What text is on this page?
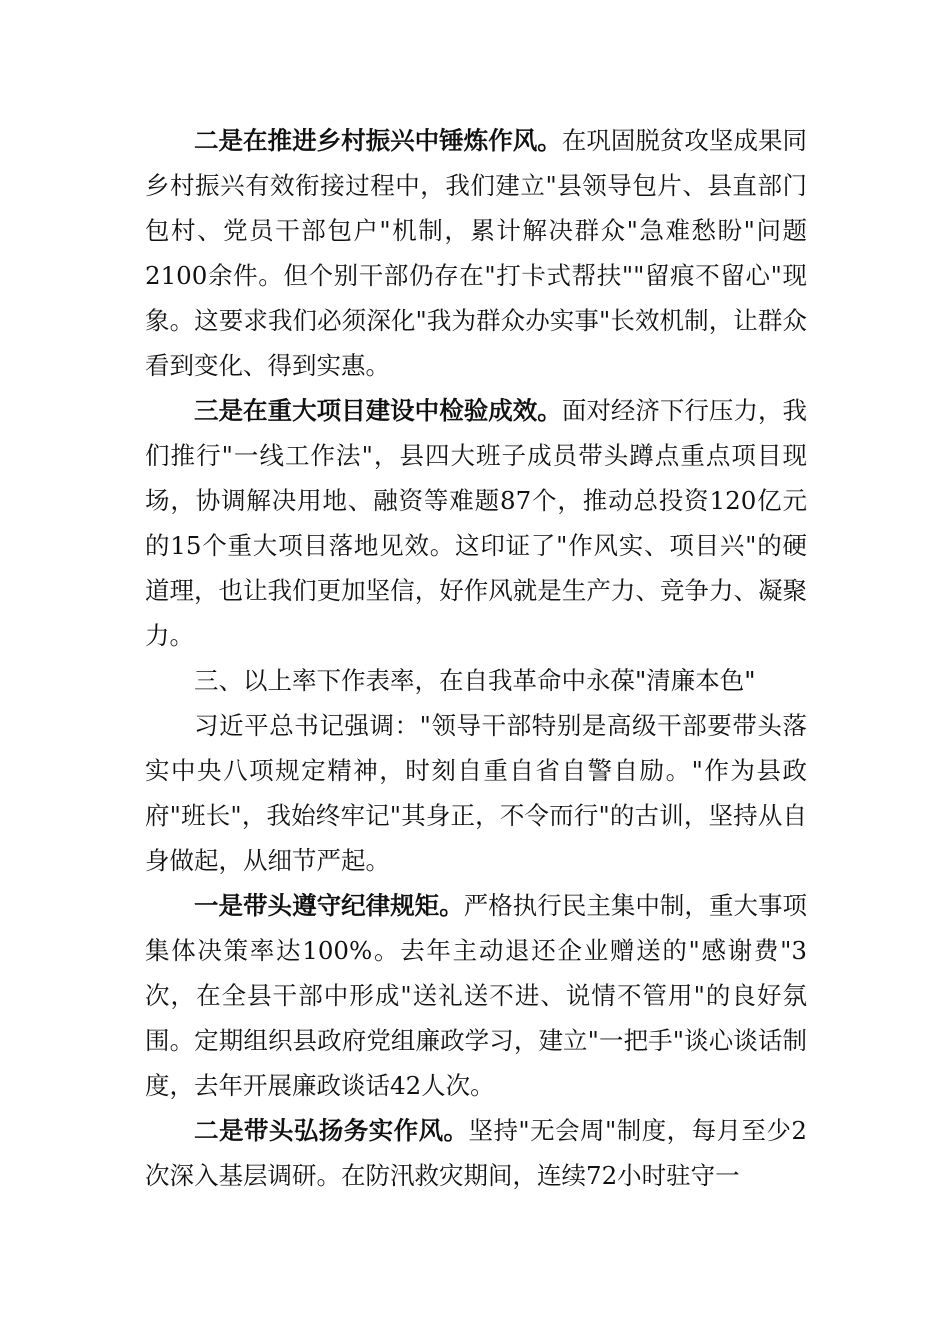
二是在推进乡村振兴中锤炼作风。在巩固脱贫攻坚成果同乡村振兴有效衔接过程中，我们建立"县领导包片、县直部门包村、党员干部包户"机制，累计解决群众"急难愁盼"问题2100余件。但个别干部仍存在"打卡式帮扶""留痕不留心"现象。这要求我们必须深化"我为群众办实事"长效机制，让群众看到变化、得到实惠。

三是在重大项目建设中检验成效。面对经济下行压力，我们推行"一线工作法"，县四大班子成员带头蹲点重点项目现场，协调解决用地、融资等难题87个，推动总投资120亿元的15个重大项目落地见效。这印证了"作风实、项目兴"的硬道理，也让我们更加坚信，好作风就是生产力、竞争力、凝聚力。

三、以上率下作表率，在自我革命中永葆"清廉本色"

习近平总书记强调："领导干部特别是高级干部要带头落实中央八项规定精神，时刻自重自省自警自励。"作为县政府"班长"，我始终牢记"其身正，不令而行"的古训，坚持从自身做起，从细节严起。

一是带头遵守纪律规矩。严格执行民主集中制，重大事项集体决策率达100%。去年主动退还企业赠送的"感谢费"3次，在全县干部中形成"送礼送不进、说情不管用"的良好氛围。定期组织县政府党组廉政学习，建立"一把手"谈心谈话制度，去年开展廉政谈话42人次。

二是带头弘扬务实作风。坚持"无会周"制度，每月至少2次深入基层调研。在防汛救灾期间，连续72小时驻守一
